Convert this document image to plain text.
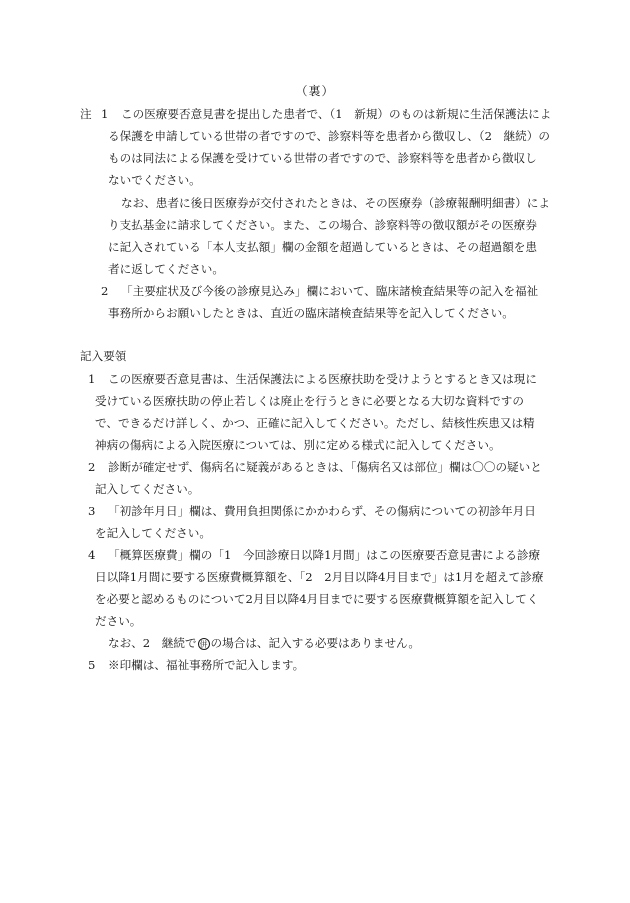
（裏）
注 1 この医療要否意見書を提出した患者で、（1　新規）のものは新規に生活保護法によ
る保護を申請している世帯の者ですので、診察料等を患者から徴収し、（2　継続）の
ものは同法による保護を受けている世帯の者ですので、診察料等を患者から徴収し
ないでください。
なお、患者に後日医療券が交付されたときは、その医療券（診療報酬明細書）によ
り支払基金に請求してください。また、この場合、診察料等の徴収額がその医療券
に記入されている「本人支払額」欄の金額を超過しているときは、その超過額を患
者に返してください。
2 「主要症状及び今後の診療見込み」欄において、臨床諸検査結果等の記入を福祉
事務所からお願いしたときは、直近の臨床諸検査結果等を記入してください。
記入要領
1 この医療要否意見書は、生活保護法による医療扶助を受けようとするとき又は現に
受けている医療扶助の停止若しくは廃止を行うときに必要となる大切な資料ですの
で、できるだけ詳しく、かつ、正確に記入してください。ただし、結核性疾患又は精
神病の傷病による入院医療については、別に定める様式に記入してください。
2 診断が確定せず、傷病名に疑義があるときは、「傷病名又は部位」欄は〇〇の疑いと
記入してください。
3 「初診年月日」欄は、費用負担関係にかかわらず、その傷病についての初診年月日
を記入してください。
4 「概算医療費」欄の「1　今回診療日以降1月間」はこの医療要否意見書による診療
日以降1月間に要する医療費概算額を、「2　2月目以降4月目まで」は1月を超えて診療
を必要と認めるものについて2月目以降4月目までに要する医療費概算額を記入してく
ださい。
なお、2　継続で 併 の場合は、記入する必要はありません。
5 ※印欄は、福祉事務所で記入します。
